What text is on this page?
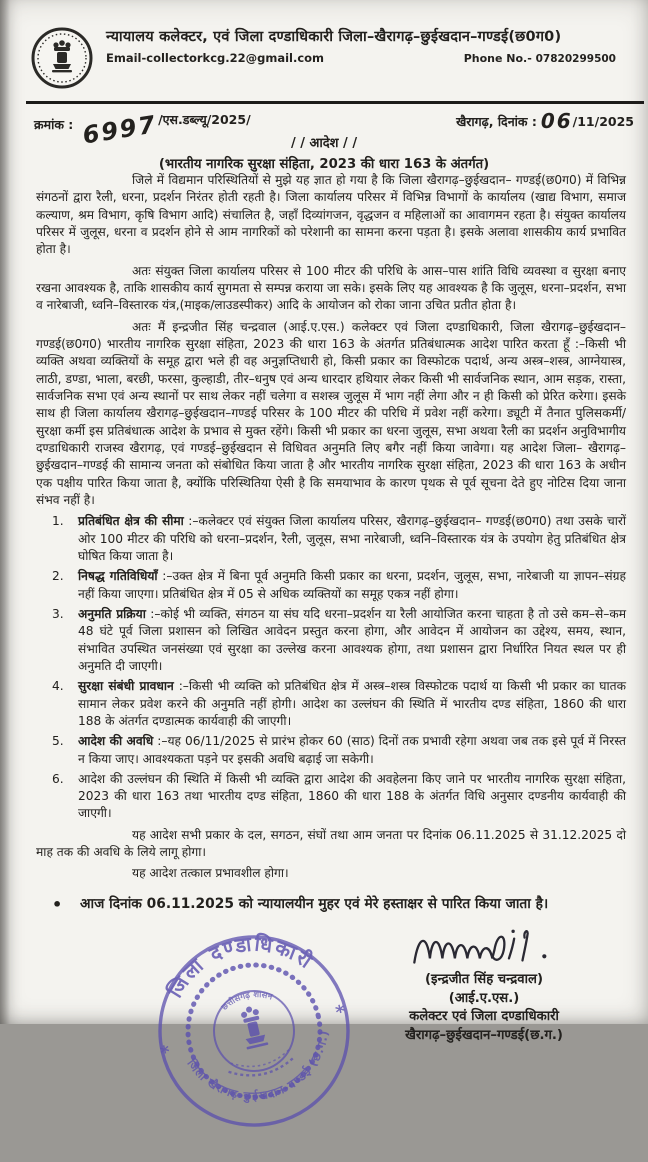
न्यायालय कलेक्टर, एवं जिला दण्डाधिकारी जिला–खैरागढ़–छुईखदान–गण्डई(छ0ग0)
Email-collectorkcg.22@gmail.com	Phone No.- 07820299500
क्रमांक : 6997/एस.डब्ल्यू/2025/	खैरागढ़, दिनांक : 06/11/2025
/ / आदेश / /
(भारतीय नागरिक सुरक्षा संहिता, 2023 की धारा 163 के अंतर्गत)

जिले में विद्यमान परिस्थितियों से मुझे यह ज्ञात हो गया है कि जिला खैरागढ़–छुईखदान– गण्डई(छ0ग0) में विभिन्न संगठनों द्वारा रैली, धरना, प्रदर्शन निरंतर होती रहती है। जिला कार्यालय परिसर में विभिन्न विभागों के कार्यालय (खाद्य विभाग, समाज कल्याण, श्रम विभाग, कृषि विभाग आदि) संचालित है, जहाँ दिव्यांगजन, वृद्धजन व महिलाओं का आवागमन रहता है। संयुक्त कार्यालय परिसर में जुलूस, धरना व प्रदर्शन होने से आम नागरिकों को परेशानी का सामना करना पड़ता है। इसके अलावा शासकीय कार्य प्रभावित होता है।

अतः संयुक्त जिला कार्यालय परिसर से 100 मीटर की परिधि के आस–पास शांति विधि व्यवस्था व सुरक्षा बनाए रखना आवश्यक है, ताकि शासकीय कार्य सुगमता से सम्पन्न कराया जा सके। इसके लिए यह आवश्यक है कि जुलूस, धरना–प्रदर्शन, सभा व नारेबाजी, ध्वनि–विस्तारक यंत्र,(माइक/लाउडस्पीकर) आदि के आयोजन को रोका जाना उचित प्रतीत होता है।

अतः मैं इन्द्रजीत सिंह चन्द्रवाल (आई.ए.एस.) कलेक्टर एवं जिला दण्डाधिकारी, जिला खैरागढ़–छुईखदान–गण्डई(छ0ग0) भारतीय नागरिक सुरक्षा संहिता, 2023 की धारा 163 के अंतर्गत प्रतिबंधात्मक आदेश पारित करता हूँ :–किसी भी व्यक्ति अथवा व्यक्तियों के समूह द्वारा भले ही वह अनुज्ञप्तिधारी हो, किसी प्रकार का विस्फोटक पदार्थ, अन्य अस्त्र–शस्त्र, आग्नेयास्त्र, लाठी, डण्डा, भाला, बरछी, फरसा, कुल्हाडी, तीर–धनुष एवं अन्य धारदार हथियार लेकर किसी भी सार्वजनिक स्थान, आम सड़क, रास्ता, सार्वजनिक सभा एवं अन्य स्थानों पर साथ लेकर नहीं चलेगा व सशस्त्र जुलूस में भाग नहीं लेगा और न ही किसी को प्रेरित करेगा। इसके साथ ही जिला कार्यालय खैरागढ़–छुईखदान–गण्डई परिसर के 100 मीटर की परिधि में प्रवेश नहीं करेगा। ड्यूटी में तैनात पुलिसकर्मी/सुरक्षा कर्मी इस प्रतिबंधात्क आदेश के प्रभाव से मुक्त रहेंगे। किसी भी प्रकार का धरना जुलूस, सभा अथवा रैली का प्रदर्शन अनुविभागीय दण्डाधिकारी राजस्व खैरागढ़, एवं गण्डई–छुईखदान से विधिवत अनुमति लिए बगैर नहीं किया जावेगा। यह आदेश जिला– खैरागढ़–छुईखदान–गण्डई की सामान्य जनता को संबोधित किया जाता है और भारतीय नागरिक सुरक्षा संहिता, 2023 की धारा 163 के अधीन एक पक्षीय पारित किया जाता है, क्योंकि परिस्थितिया ऐसी है कि समयाभाव के कारण पृथक से पूर्व सूचना देते हुए नोटिस दिया जाना संभव नहीं है।

1. प्रतिबंधित क्षेत्र की सीमा :–कलेक्टर एवं संयुक्त जिला कार्यालय परिसर, खैरागढ़–छुईखदान– गण्डई(छ0ग0) तथा उसके चारों ओर 100 मीटर की परिधि को धरना–प्रदर्शन, रैली, जुलूस, सभा नारेबाजी, ध्वनि–विस्तारक यंत्र के उपयोग हेतु प्रतिबंधित क्षेत्र घोषित किया जाता है।
2. निषद्ध गतिविधियाँ :–उक्त क्षेत्र में बिना पूर्व अनुमति किसी प्रकार का धरना, प्रदर्शन, जुलूस, सभा, नारेबाजी या ज्ञापन–संग्रह नहीं किया जाएगा। प्रतिबंधित क्षेत्र में 05 से अधिक व्यक्तियों का समूह एकत्र नहीं होगा।
3. अनुमति प्रक्रिया :–कोई भी व्यक्ति, संगठन या संघ यदि धरना–प्रदर्शन या रैली आयोजित करना चाहता है तो उसे कम–से–कम 48 घंटे पूर्व जिला प्रशासन को लिखित आवेदन प्रस्तुत करना होगा, और आवेदन में आयोजन का उद्देश्य, समय, स्थान, संभावित उपस्थित जनसंख्या एवं सुरक्षा का उल्लेख करना आवश्यक होगा, तथा प्रशासन द्वारा निर्धारित नियत स्थल पर ही अनुमति दी जाएगी।
4. सुरक्षा संबंधी प्रावधान :–किसी भी व्यक्ति को प्रतिबंधित क्षेत्र में अस्त्र–शस्त्र विस्फोटक पदार्थ या किसी भी प्रकार का घातक सामान लेकर प्रवेश करने की अनुमति नहीं होगी। आदेश का उल्लंघन की स्थिति में भारतीय दण्ड संहिता, 1860 की धारा 188 के अंतर्गत दण्डात्मक कार्यवाही की जाएगी।
5. आदेश की अवधि :–यह 06/11/2025 से प्रारंभ होकर 60 (साठ) दिनों तक प्रभावी रहेगा अथवा जब तक इसे पूर्व में निरस्त न किया जाए। आवश्यकता पड़ने पर इसकी अवधि बढ़ाई जा सकेगी।
6. आदेश की उल्लंघन की स्थिति में किसी भी व्यक्ति द्वारा आदेश की अवहेलना किए जाने पर भारतीय नागरिक सुरक्षा संहिता, 2023 की धारा 163 तथा भारतीय दण्ड संहिता, 1860 की धारा 188 के अंतर्गत विधि अनुसार दण्डनीय कार्यवाही की जाएगी।

यह आदेश सभी प्रकार के दल, सगठन, संघों तथा आम जनता पर दिनांक 06.11.2025 से 31.12.2025 दो माह तक की अवधि के लिये लागू होगा।

यह आदेश तत्काल प्रभावशील होगा।

• आज दिनांक 06.11.2025 को न्यायालयीन मुहर एवं मेरे हस्ताक्षर से पारित किया जाता है।
*
*
जिला दण्डाधिकारी
जिला खैरागढ़-छुईखदान-गण्डई (छ.ग.)
छत्तीसगढ़ शासन
(इन्द्रजीत सिंह चन्द्रवाल)
(आई.ए.एस.)
कलेक्टर एवं जिला दण्डाधिकारी
खैरागढ़–छुईखदान–गण्डई(छ.ग.)
